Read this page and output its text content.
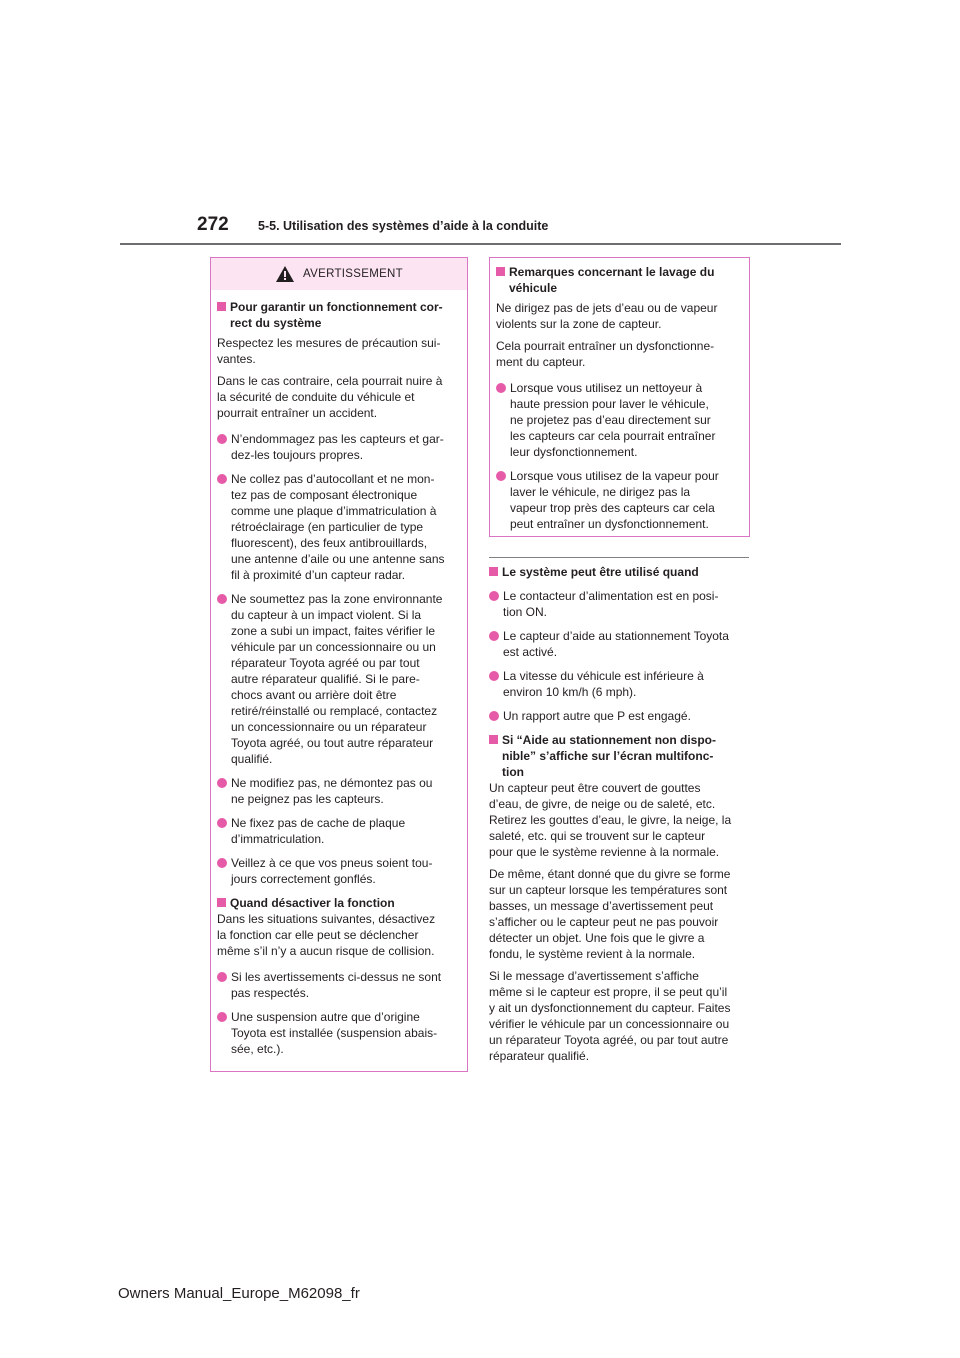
272 5-5. Utilisation des systèmes d’aide à la conduite
AVERTISSEMENT
Pour garantir un fonctionnement cor-
rect du système

Respectez les mesures de précaution sui-
vantes.

Dans le cas contraire, cela pourrait nuire à
la sécurité de conduite du véhicule et
pourrait entraîner un accident.

N’endommagez pas les capteurs et gar-
dez-les toujours propres.
Ne collez pas d’autocollant et ne mon-
tez pas de composant électronique
comme une plaque d’immatriculation à
rétroéclairage (en particulier de type
fluorescent), des feux antibrouillards,
une antenne d’aile ou une antenne sans
fil à proximité d’un capteur radar.
Ne soumettez pas la zone environnante
du capteur à un impact violent. Si la
zone a subi un impact, faites vérifier le
véhicule par un concessionnaire ou un
réparateur Toyota agréé ou par tout
autre réparateur qualifié. Si le pare-
chocs avant ou arrière doit être
retiré/réinstallé ou remplacé, contactez
un concessionnaire ou un réparateur
Toyota agréé, ou tout autre réparateur
qualifié.
Ne modifiez pas, ne démontez pas ou
ne peignez pas les capteurs.
Ne fixez pas de cache de plaque
d’immatriculation.
Veillez à ce que vos pneus soient tou-
jours correctement gonflés.
Quand désactiver la fonction

Dans les situations suivantes, désactivez
la fonction car elle peut se déclencher
même s’il n’y a aucun risque de collision.

Si les avertissements ci-dessus ne sont
pas respectés.
Une suspension autre que d’origine
Toyota est installée (suspension abais-
sée, etc.).
Remarques concernant le lavage du
véhicule

Ne dirigez pas de jets d’eau ou de vapeur
violents sur la zone de capteur.

Cela pourrait entraîner un dysfonctionne-
ment du capteur.

Lorsque vous utilisez un nettoyeur à
haute pression pour laver le véhicule,
ne projetez pas d’eau directement sur
les capteurs car cela pourrait entraîner
leur dysfonctionnement.
Lorsque vous utilisez de la vapeur pour
laver le véhicule, ne dirigez pas la
vapeur trop près des capteurs car cela
peut entraîner un dysfonctionnement.
Le système peut être utilisé quand
Le contacteur d’alimentation est en posi-
tion ON.
Le capteur d’aide au stationnement Toyota
est activé.
La vitesse du véhicule est inférieure à
environ 10 km/h (6 mph).
Un rapport autre que P est engagé.
Si “Aide au stationnement non dispo-
nible” s’affiche sur l’écran multifonc-
tion

Un capteur peut être couvert de gouttes
d’eau, de givre, de neige ou de saleté, etc.
Retirez les gouttes d’eau, le givre, la neige, la
saleté, etc. qui se trouvent sur le capteur
pour que le système revienne à la normale.

De même, étant donné que du givre se forme
sur un capteur lorsque les températures sont
basses, un message d’avertissement peut
s’afficher ou le capteur peut ne pas pouvoir
détecter un objet. Une fois que le givre a
fondu, le système revient à la normale.

Si le message d’avertissement s’affiche
même si le capteur est propre, il se peut qu’il
y ait un dysfonctionnement du capteur. Faites
vérifier le véhicule par un concessionnaire ou
un réparateur Toyota agréé, ou par tout autre
réparateur qualifié.

Owners Manual_Europe_M62098_fr
